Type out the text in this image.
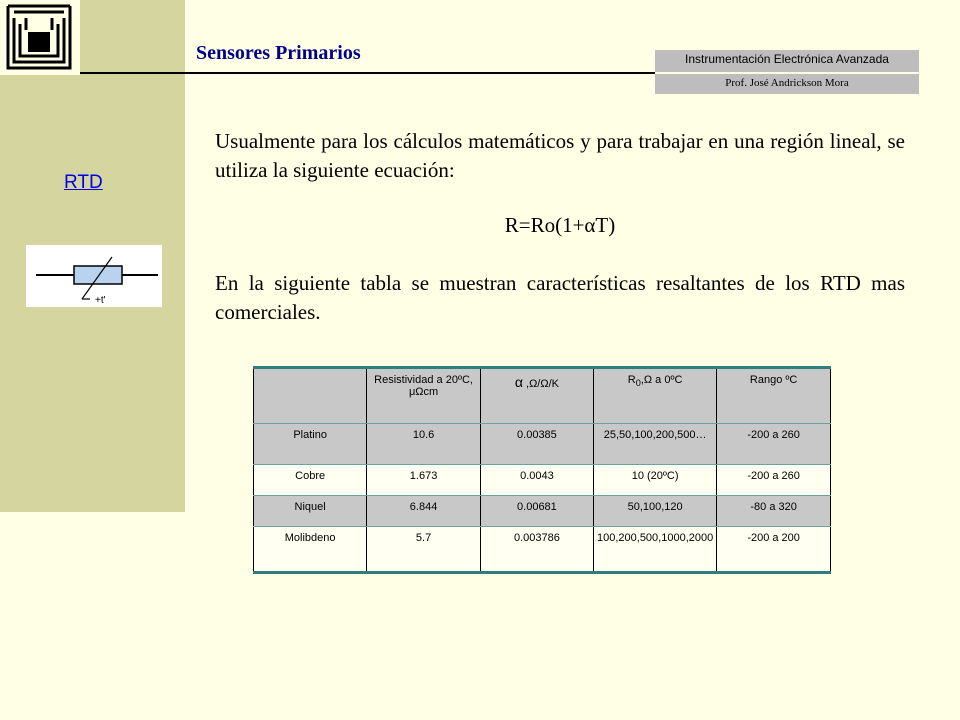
Sensores Primarios	Instrumentación Electrónica Avanzada
Prof. José Andrickson Mora
RTD
+t'
Usualmente para los cálculos matemáticos y para trabajar en una región lineal, se utiliza la siguiente ecuación:
R=Ro(1+αT)
En la siguiente tabla se muestran características resaltantes de los RTD mas comerciales.
	Resistividad a 20ºC, μΩcm	α ,Ω/Ω/K	$R_0,\Omega$ a 0ºC	Rango ºC
Platino	10.6	0.00385	25,50,100,200,500…	-200 a 260
Cobre	1.673	0.0043	10 (20ºC)	-200 a 260
Niquel	6.844	0.00681	50,100,120	-80 a 320
Molibdeno	5.7	0.003786	100,200,500,1000,2000	-200 a 200
